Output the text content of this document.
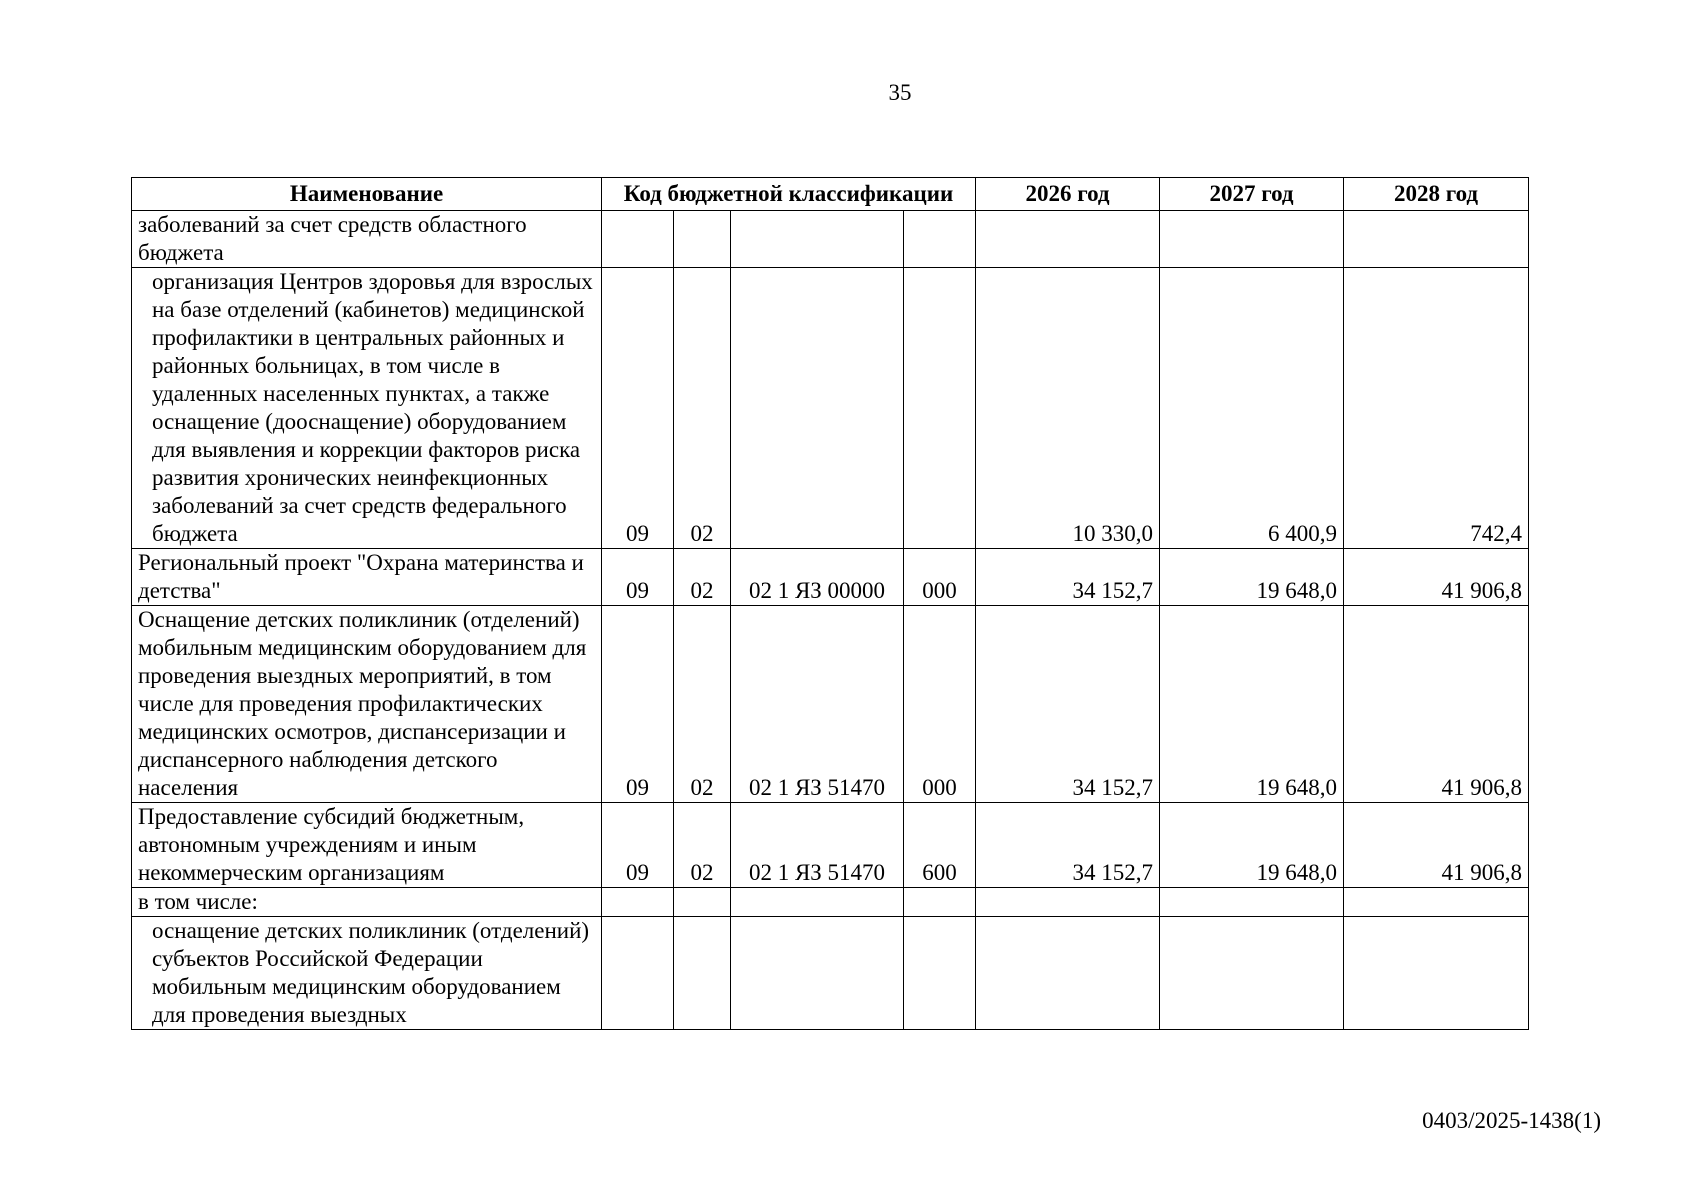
35
Наименование	Код бюджетной классификации				2026 год	2027 год	2028 год
заболеваний за счет средств областного бюджета							
организация Центров здоровья для взрослых на базе отделений (кабинетов) медицинской профилактики в центральных районных и районных больницах, в том числе в удаленных населенных пунктах, а также оснащение (дооснащение) оборудованием для выявления и коррекции факторов риска развития хронических неинфекционных заболеваний за счет средств федерального бюджета	09	02			10 330,0	6 400,9	742,4
Региональный проект "Охрана материнства и детства"	09	02	02 1 ЯЗ 00000	000	34 152,7	19 648,0	41 906,8
Оснащение детских поликлиник (отделений) мобильным медицинским оборудованием для проведения выездных мероприятий, в том числе для проведения профилактических медицинских осмотров, диспансеризации и диспансерного наблюдения детского населения	09	02	02 1 ЯЗ 51470	000	34 152,7	19 648,0	41 906,8
Предоставление субсидий бюджетным, автономным учреждениям и иным некоммерческим организациям	09	02	02 1 ЯЗ 51470	600	34 152,7	19 648,0	41 906,8
в том числе:							
оснащение детских поликлиник (отделений) субъектов Российской Федерации мобильным медицинским оборудованием для проведения выездных							
0403/2025-1438(1)
